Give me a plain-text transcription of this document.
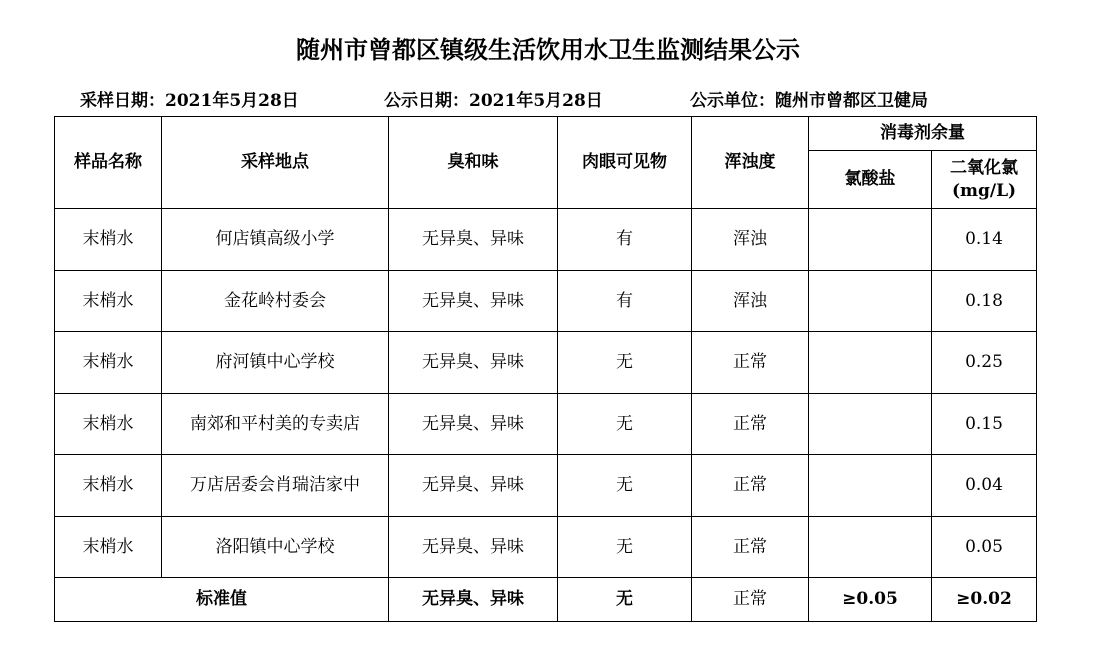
随州市曾都区镇级生活饮用水卫生监测结果公示
采样日期：2021年5月28日	公示日期：2021年5月28日	公示单位：随州市曾都区卫健局
样品名称	采样地点	臭和味	肉眼可见物	浑浊度	消毒剂余量	
					氯酸盐	二氧化氯
(mg/L)

末梢水	何店镇高级小学	无异臭、异味	有	浑浊		0.14
末梢水	金花岭村委会	无异臭、异味	有	浑浊		0.18
末梢水	府河镇中心学校	无异臭、异味	无	正常		0.25
末梢水	南郊和平村美的专卖店	无异臭、异味	无	正常		0.15
末梢水	万店居委会肖瑞洁家中	无异臭、异味	无	正常		0.04
末梢水	洛阳镇中心学校	无异臭、异味	无	正常		0.05
标准值		无异臭、异味	无	正常	≥0.05	≥0.02
